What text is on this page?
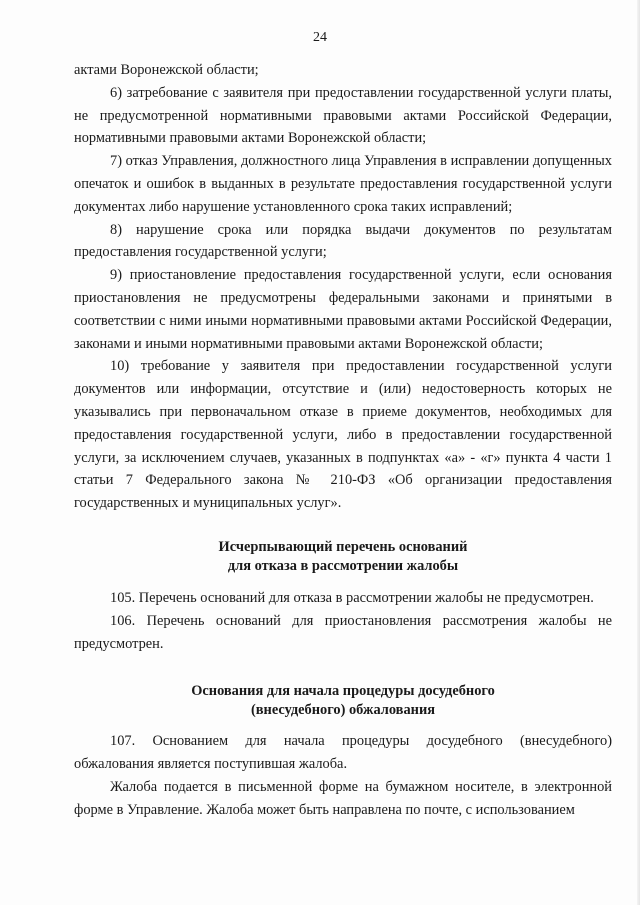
24

актами Воронежской области;

6) затребование с заявителя при предоставлении государственной услуги платы, не предусмотренной нормативными правовыми актами Российской Федерации, нормативными правовыми актами Воронежской области;

7) отказ Управления, должностного лица Управления в исправлении допущенных опечаток и ошибок в выданных в результате предоставления государственной услуги документах либо нарушение установленного срока таких исправлений;

8) нарушение срока или порядка выдачи документов по результатам предоставления государственной услуги;

9) приостановление предоставления государственной услуги, если основания приостановления не предусмотрены федеральными законами и принятыми в соответствии с ними иными нормативными правовыми актами Российской Федерации, законами и иными нормативными правовыми актами Воронежской области;

10) требование у заявителя при предоставлении государственной услуги документов или информации, отсутствие и (или) недостоверность которых не указывались при первоначальном отказе в приеме документов, необходимых для предоставления государственной услуги, либо в предоставлении государственной услуги, за исключением случаев, указанных в подпунктах «а» - «г» пункта 4 части 1 статьи 7 Федерального закона № 210-ФЗ «Об организации предоставления государственных и муниципальных услуг».

Исчерпывающий перечень оснований

для отказа в рассмотрении жалобы

105. Перечень оснований для отказа в рассмотрении жалобы не предусмотрен.

106. Перечень оснований для приостановления рассмотрения жалобы не предусмотрен.

Основания для начала процедуры досудебного

(внесудебного) обжалования

107. Основанием для начала процедуры досудебного (внесудебного) обжалования является поступившая жалоба.

Жалоба подается в письменной форме на бумажном носителе, в электронной форме в Управление. Жалоба может быть направлена по почте, с использованием
